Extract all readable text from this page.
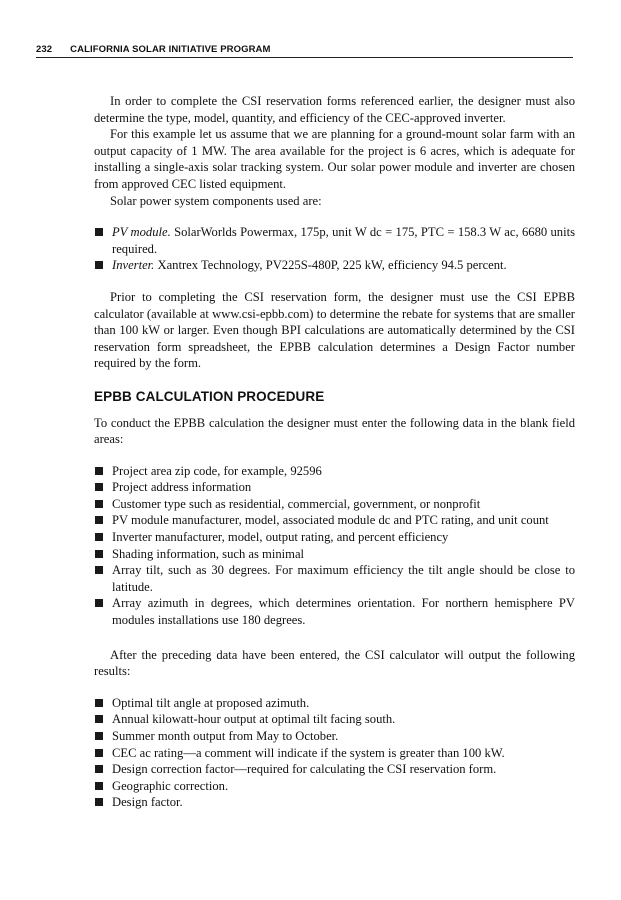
232 CALIFORNIA SOLAR INITIATIVE PROGRAM

In order to complete the CSI reservation forms referenced earlier, the designer must also determine the type, model, quantity, and efficiency of the CEC-approved inverter.

For this example let us assume that we are planning for a ground-mount solar farm with an output capacity of 1 MW. The area available for the project is 6 acres, which is adequate for installing a single-axis solar tracking system. Our solar power module and inverter are chosen from approved CEC listed equipment.

Solar power system components used are:

PV module. SolarWorlds Powermax, 175p, unit W dc = 175, PTC = 158.3 W ac, 6680 units required.
Inverter. Xantrex Technology, PV225S-480P, 225 kW, efficiency 94.5 percent.

Prior to completing the CSI reservation form, the designer must use the CSI EPBB calculator (available at www.csi-epbb.com) to determine the rebate for systems that are smaller than 100 kW or larger. Even though BPI calculations are automatically determined by the CSI reservation form spreadsheet, the EPBB calculation determines a Design Factor number required by the form.

EPBB CALCULATION PROCEDURE

To conduct the EPBB calculation the designer must enter the following data in the blank field areas:

Project area zip code, for example, 92596
Project address information
Customer type such as residential, commercial, government, or nonprofit
PV module manufacturer, model, associated module dc and PTC rating, and unit count
Inverter manufacturer, model, output rating, and percent efficiency
Shading information, such as minimal
Array tilt, such as 30 degrees. For maximum efficiency the tilt angle should be close to latitude.
Array azimuth in degrees, which determines orientation. For northern hemisphere PV modules installations use 180 degrees.

After the preceding data have been entered, the CSI calculator will output the following results:

Optimal tilt angle at proposed azimuth.
Annual kilowatt-hour output at optimal tilt facing south.
Summer month output from May to October.
CEC ac rating—a comment will indicate if the system is greater than 100 kW.
Design correction factor—required for calculating the CSI reservation form.
Geographic correction.
Design factor.
